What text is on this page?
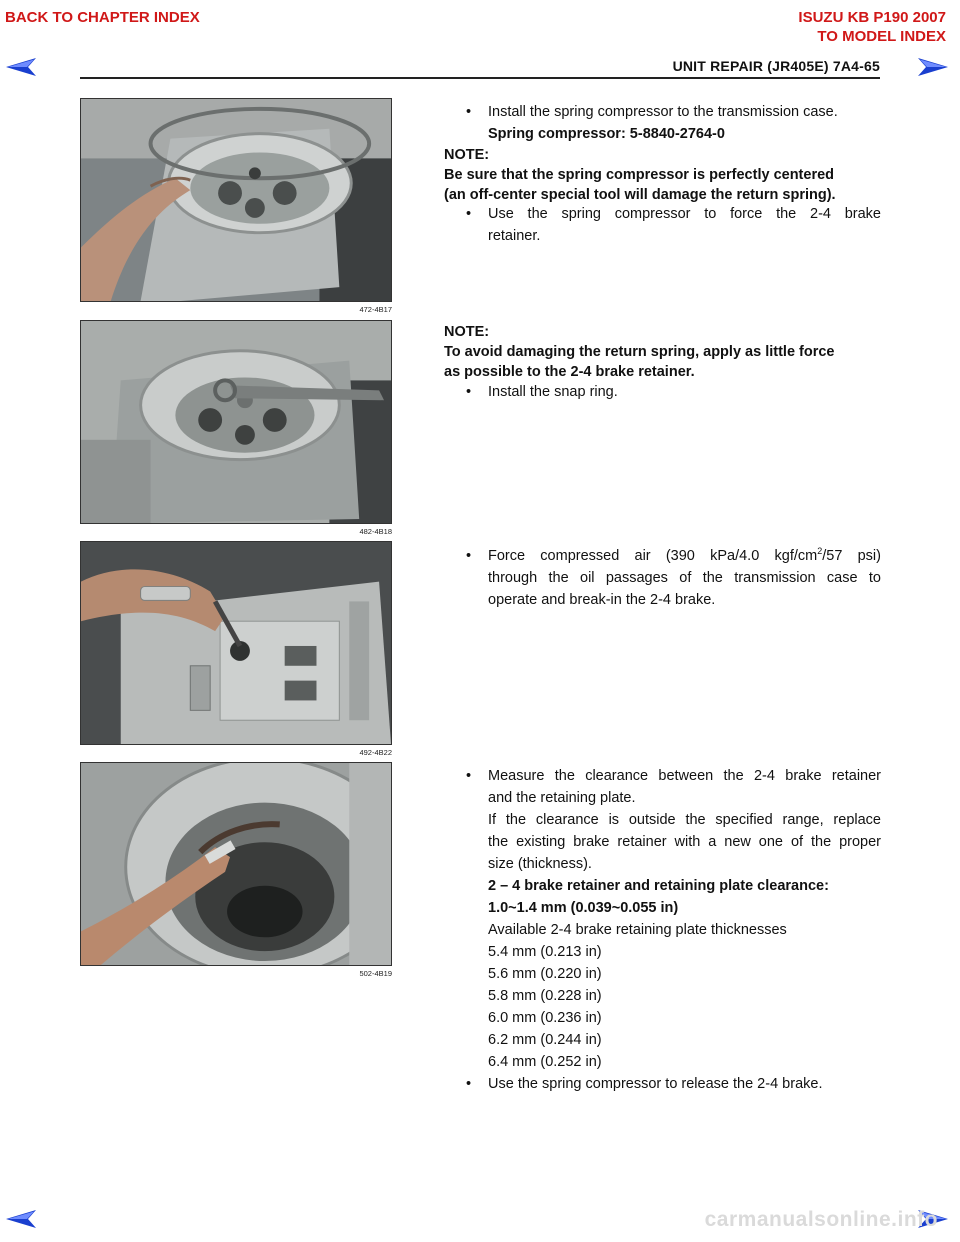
BACK TO CHAPTER INDEX	ISUZU KB P190 2007
TO MODEL INDEX
UNIT REPAIR (JR405E) 7A4-65
472-4B17
482-4B18
492-4B22
502-4B19
• Install the spring compressor to the transmission case.
Spring compressor: 5-8840-2764-0
NOTE:
Be sure that the spring compressor is perfectly centered
(an off-center special tool will damage the return spring).
• Use the spring compressor to force the 2-4 brake
retainer.
NOTE:
To avoid damaging the return spring, apply as little force
as possible to the 2-4 brake retainer.
• Install the snap ring.
• Force compressed air (390 kPa/4.0 kgf/$cm^2/57$ psi)
through the oil passages of the transmission case to
operate and break-in the 2-4 brake.
• Measure the clearance between the 2-4 brake retainer
and the retaining plate.
If the clearance is outside the specified range, replace
the existing brake retainer with a new one of the proper
size (thickness).
2 – 4 brake retainer and retaining plate clearance:
1.0~1.4 mm (0.039~0.055 in)
Available 2-4 brake retaining plate thicknesses
5.4 mm (0.213 in)
5.6 mm (0.220 in)
5.8 mm (0.228 in)
6.0 mm (0.236 in)
6.2 mm (0.244 in)
6.4 mm (0.252 in)
• Use the spring compressor to release the 2-4 brake.
carmanualsonline.info
